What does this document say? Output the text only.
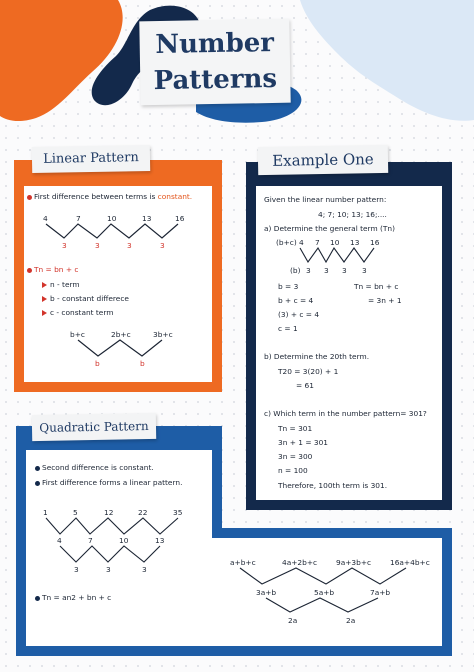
Number
Patterns
Linear Pattern
First difference between terms is constant.
4	7	10	13	16
3	3	3	3
Tn = bn + c
n - term
b - constant differece
c - constant term
b+c	2b+c	3b+c
b	b
Example One
Given the linear number pattern:
4; 7; 10; 13; 16;....
a) Determine the general term (Tn)
(b+c) 4 7 10 13 16
(b) 3 3 3 3
b = 3
b + c = 4
(3) + c = 4
c = 1
Tn = bn + c
= 3n + 1
b) Determine the 20th term.
T20 = 3(20) + 1
= 61
c) Which term in the number pattern= 301?
Tn = 301
3n + 1 = 301
3n = 300
n = 100
Therefore, 100th term is 301.
Quadratic Pattern
Second difference is constant.
First difference forms a linear pattern.
1	5	12	22	35
4	7	10	13
3	3	3
Tn = an2 + bn + c
a+b+c	4a+2b+c	9a+3b+c	16a+4b+c
3a+b	5a+b	7a+b
2a	2a
